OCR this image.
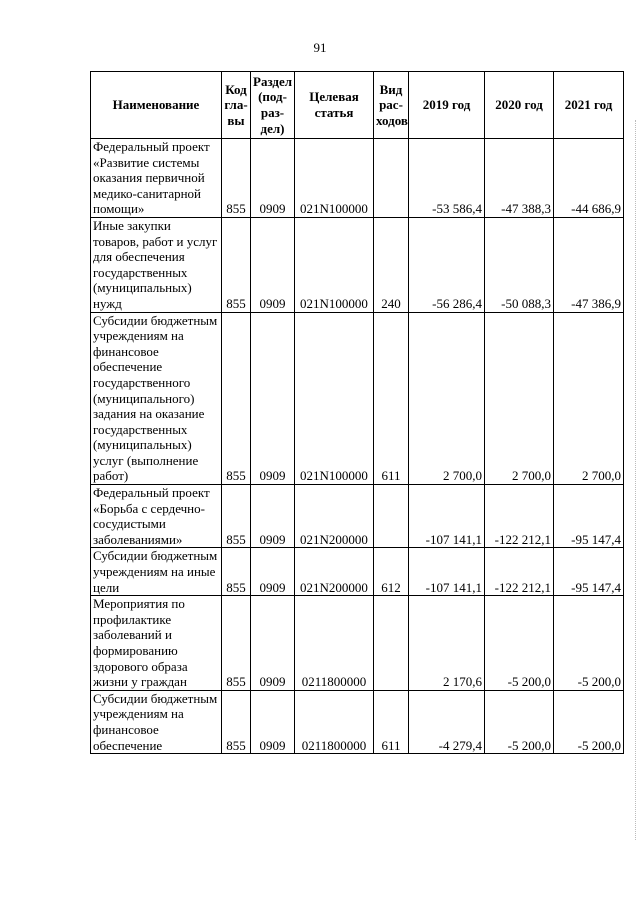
91
Наименование	Код гла-вы	Раздел (под-раз-дел)	Целевая статья	Вид рас-ходов	2019 год	2020 год	2021 год
Федеральный проект «Развитие системы оказания первичной медико-санитарной помощи»	855	0909	021N100000		-53 586,4	-47 388,3	-44 686,9
Иные закупки товаров, работ и услуг для обеспечения государственных (муниципальных) нужд	855	0909	021N100000	240	-56 286,4	-50 088,3	-47 386,9
Субсидии бюджетным учреждениям на финансовое обеспечение государственного (муниципального) задания на оказание государственных (муниципальных) услуг (выполнение работ)	855	0909	021N100000	611	2 700,0	2 700,0	2 700,0
Федеральный проект «Борьба с сердечно-сосудистыми заболеваниями»	855	0909	021N200000		-107 141,1	-122 212,1	-95 147,4
Субсидии бюджетным учреждениям на иные цели	855	0909	021N200000	612	-107 141,1	-122 212,1	-95 147,4
Мероприятия по профилактике заболеваний и формированию здорового образа жизни у граждан	855	0909	0211800000		2 170,6	-5 200,0	-5 200,0
Субсидии бюджетным учреждениям на финансовое обеспечение	855	0909	0211800000	611	-4 279,4	-5 200,0	-5 200,0
